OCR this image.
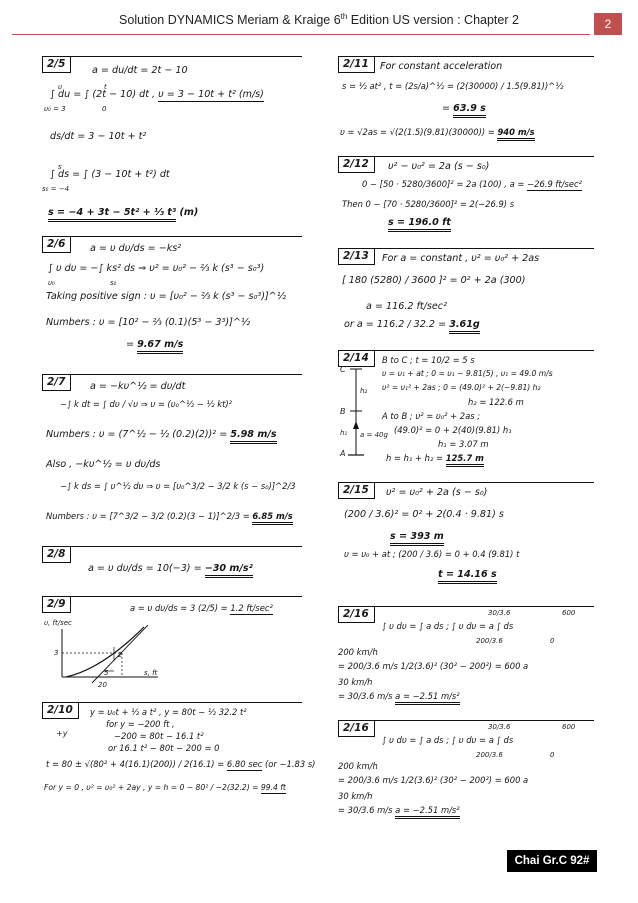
Solution DYNAMICS Meriam & Kraige 6th Edition US version : Chapter 2	2
2/5
a = du/dt = 2t − 10
∫ du = ∫ (2t − 10) dt , υ = 3 − 10t + t² (m/s)
υ
υ₀ = 3
t
0
ds/dt = 3 − 10t + t²
∫ ds = ∫ (3 − 10t + t²) dt
s
s₀ = −4
s = −4 + 3t − 5t² + ⅓ t³ (m)
2/6	a = υ dυ/ds = −ks²
∫ υ dυ = −∫ ks² ds ⇒ υ² = υ₀² − ⅔ k (s³ − s₀³)
υ₀	s₀
Taking positive sign : υ = [υ₀² − ⅔ k (s³ − s₀³)]^½
Numbers : υ = [10² − ⅔ (0.1)(5³ − 3³)]^½
= 9.67 m/s
2/7	a = −kυ^½ = dυ/dt
−∫ k dt = ∫ dυ / √υ ⇒ υ = (υ₀^½ − ½ kt)²
Numbers : υ = (7^½ − ½ (0.2)(2))² = 5.98 m/s
Also , −kυ^½ = υ dυ/ds
−∫ k ds = ∫ υ^½ dυ ⇒ υ = [υ₀^3/2 − 3/2 k (s − s₀)]^2/3
Numbers : υ = [7^3/2 − 3/2 (0.2)(3 − 1)]^2/3 = 6.85 m/s
2/8
a = υ dυ/ds = 10(−3) = −30 m/s²
2/9	a = υ dυ/ds = 3 (2/5) = 1.2 ft/sec²
υ, ft/sec
3	2
5
20
s, ft
2/10
+y
y = υ₀t + ½ a t² , y = 80t − ½ 32.2 t²
for y = −200 ft ,
−200 = 80t − 16.1 t²
or 16.1 t² − 80t − 200 = 0
t = 80 ± √(80² + 4(16.1)(200)) / 2(16.1) = 6.80 sec (or −1.83 s)
For y = 0 , υ² = υ₀² + 2ay , y = h = 0 − 80² / −2(32.2) = 99.4 ft
2/11	For constant acceleration
s = ½ at² , t = (2s/a)^½ = (2(30000) / 1.5(9.81))^½
= 63.9 s
υ = √2as = √(2(1.5)(9.81)(30000)) = 940 m/s
2/12	υ² − υ₀² = 2a (s − s₀)
0 − [50 · 5280/3600]² = 2a (100) , a = −26.9 ft/sec²
Then 0 − [70 · 5280/3600]² = 2(−26.9) s
s = 196.0 ft
2/13	For a = constant , υ² = υ₀² + 2as
[ 180 (5280) / 3600 ]² = 0² + 2a (300)
a = 116.2 ft/sec²
or a = 116.2 / 32.2 = 3.61g
2/14
C
h₂
B
h₁ a = 40g
A
B to C ; t = 10/2 = 5 s
υ = υ₁ + at ; 0 = υ₁ − 9.81(5) , υ₁ = 49.0 m/s
υ² = υ₁² + 2as ; 0 = (49.0)² + 2(−9.81) h₂
h₂ = 122.6 m
A to B ; υ² = υ₀² + 2as ;
(49.0)² = 0 + 2(40)(9.81) h₁
h₁ = 3.07 m
h = h₁ + h₂ = 125.7 m
2/15	υ² = υ₀² + 2a (s − s₀)
(200 / 3.6)² = 0² + 2(0.4 · 9.81) s
s = 393 m
υ = υ₀ + at ; (200 / 3.6) = 0 + 0.4 (9.81) t
t = 14.16 s
2/16	30/3.6	600
∫ υ dυ = ∫ a ds ; ∫ υ dυ = a ∫ ds
200/3.6	0
200 km/h
= 200/3.6 m/s 1/2(3.6)² (30² − 200²) = 600 a
30 km/h
= 30/3.6 m/s a = −2.51 m/s²
2/16	30/3.6	600
∫ υ dυ = ∫ a ds ; ∫ υ dυ = a ∫ ds
200/3.6	0
200 km/h
= 200/3.6 m/s 1/2(3.6)² (30² − 200²) = 600 a
30 km/h
= 30/3.6 m/s a = −2.51 m/s²
Chai Gr.C 92#
